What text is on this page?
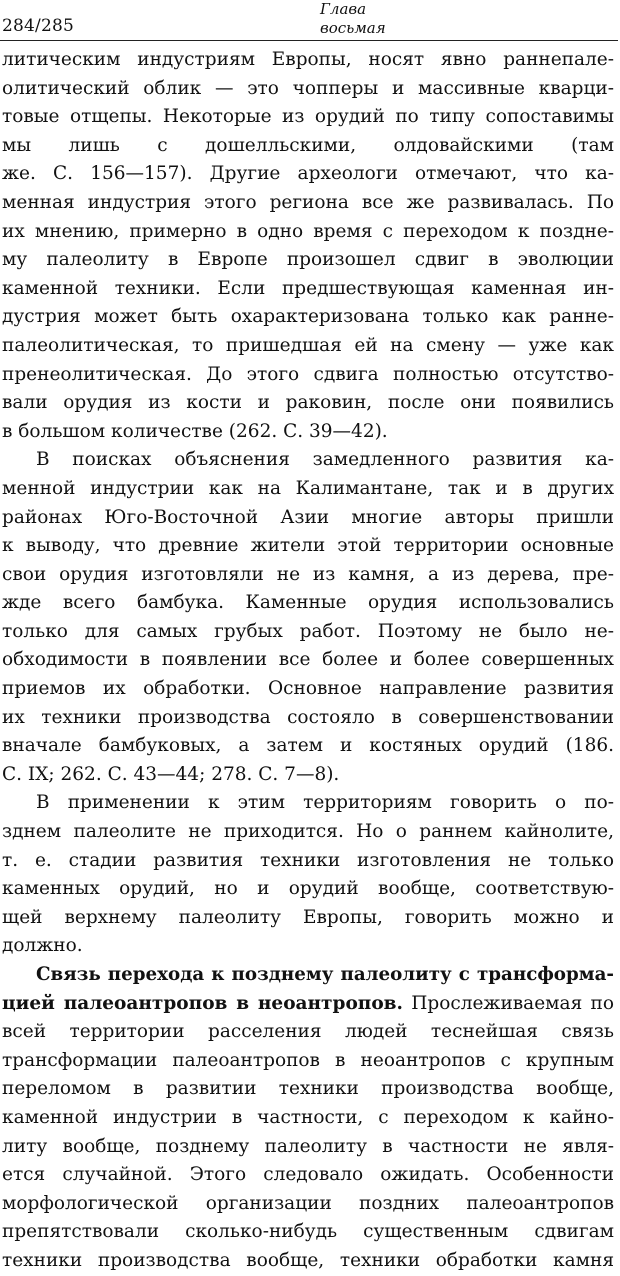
284/285
Глава
восьмая
литическим индустриям Европы, носят явно раннепале-
олитический облик — это чопперы и массивные кварци-
товые отщепы. Некоторые из орудий по типу сопоставимы
мы лишь с дошелльскими, олдовайскими (там
же. С. 156—157). Другие археологи отмечают, что ка-
менная индустрия этого региона все же развивалась. По
их мнению, примерно в одно время с переходом к поздне-
му палеолиту в Европе произошел сдвиг в эволюции
каменной техники. Если предшествующая каменная ин-
дустрия может быть охарактеризована только как ранне-
палеолитическая, то пришедшая ей на смену — уже как
пренеолитическая. До этого сдвига полностью отсутство-
вали орудия из кости и раковин, после они появились
в большом количестве (262. С. 39—42).
В поисках объяснения замедленного развития ка-
менной индустрии как на Калимантане, так и в других
районах Юго-Восточной Азии многие авторы пришли
к выводу, что древние жители этой территории основные
свои орудия изготовляли не из камня, а из дерева, пре-
жде всего бамбука. Каменные орудия использовались
только для самых грубых работ. Поэтому не было не-
обходимости в появлении все более и более совершенных
приемов их обработки. Основное направление развития
их техники производства состояло в совершенствовании
вначале бамбуковых, а затем и костяных орудий (186.
С. IX; 262. С. 43—44; 278. С. 7—8).
В применении к этим территориям говорить о по-
зднем палеолите не приходится. Но о раннем кайнолите,
т. е. стадии развития техники изготовления не только
каменных орудий, но и орудий вообще, соответствую-
щей верхнему палеолиту Европы, говорить можно и
должно.
Связь перехода к позднему палеолиту с трансформа-
цией палеоантропов в неоантропов. Прослеживаемая по
всей территории расселения людей теснейшая связь
трансформации палеоантропов в неоантропов с крупным
переломом в развитии техники производства вообще,
каменной индустрии в частности, с переходом к кайно-
литу вообще, позднему палеолиту в частности не явля-
ется случайной. Этого следовало ожидать. Особенности
морфологической организации поздних палеоантропов
препятствовали сколько-нибудь существенным сдвигам
техники производства вообще, техники обработки камня
